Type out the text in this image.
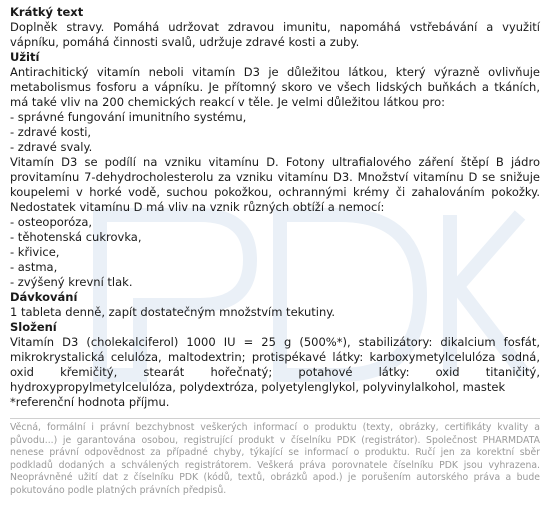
Krátký text

Doplněk stravy. Pomáhá udržovat zdravou imunitu, napomáhá vstřebávání a využití vápníku, pomáhá činnosti svalů, udržuje zdravé kosti a zuby.

Užití

Antirachitický vitamín neboli vitamín D3 je důležitou látkou, který výrazně ovlivňuje metabolismus fosforu a vápníku. Je přítomný skoro ve všech lidských buňkách a tkáních, má také vliv na 200 chemických reakcí v těle. Je velmi důležitou látkou pro:

- správné fungování imunitního systému,

- zdravé kosti,

- zdravé svaly.

Vitamín D3 se podílí na vzniku vitamínu D. Fotony ultrafialového záření štěpí B jádro provitamínu 7-dehydrocholesterolu za vzniku vitamínu D3. Množství vitamínu D se snižuje koupelemi v horké vodě, suchou pokožkou, ochrannými krémy či zahalováním pokožky. Nedostatek vitamínu D má vliv na vznik různých obtíží a nemocí:

- osteoporóza,

- těhotenská cukrovka,

- křivice,

- astma,

- zvýšený krevní tlak.

Dávkování

1 tableta denně, zapít dostatečným množstvím tekutiny.

Složení

Vitamín D3 (cholekalciferol) 1000 IU = 25 g (500%*), stabilizátory: dikalcium fosfát, mikrokrystalická celulóza, maltodextrin; protispékavé látky: karboxymetylcelulóza sodná, oxid křemičitý, stearát hořečnatý; potahové látky: oxid titaničitý, hydroxypropylmetylcelulóza, polydextróza, polyetylenglykol, polyvinylalkohol, mastek

*referenční hodnota příjmu.

Věcná, formální i právní bezchybnost veškerých informací o produktu (texty, obrázky, certifikáty kvality a původu...) je garantována osobou, registrující produkt v číselníku PDK (registrátor). Společnost PHARMDATA nenese právní odpovědnost za případné chyby, týkající se informací o produktu. Ručí jen za korektní sběr podkladů dodaných a schválených registrátorem. Veškerá práva porovnatele číselníku PDK jsou vyhrazena. Neoprávněné užití dat z číselníku PDK (kódů, textů, obrázků apod.) je porušením autorského práva a bude pokutováno podle platných právních předpisů.
